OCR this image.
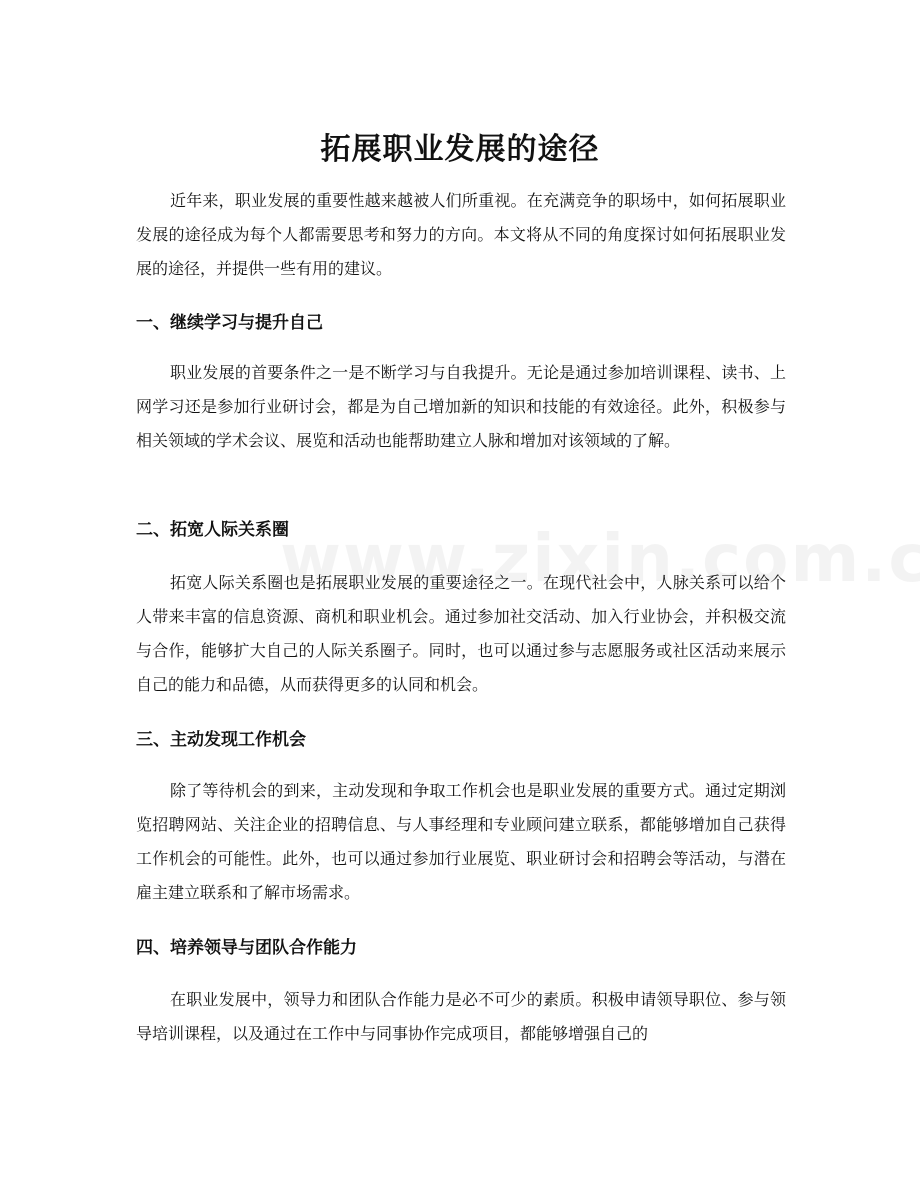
拓展职业发展的途径

近年来，职业发展的重要性越来越被人们所重视。在充满竞争的职场中，如何拓展职业发展的途径成为每个人都需要思考和努力的方向。本文将从不同的角度探讨如何拓展职业发展的途径，并提供一些有用的建议。

一、继续学习与提升自己

职业发展的首要条件之一是不断学习与自我提升。无论是通过参加培训课程、读书、上网学习还是参加行业研讨会，都是为自己增加新的知识和技能的有效途径。此外，积极参与相关领域的学术会议、展览和活动也能帮助建立人脉和增加对该领域的了解。

二、拓宽人际关系圈

拓宽人际关系圈也是拓展职业发展的重要途径之一。在现代社会中，人脉关系可以给个人带来丰富的信息资源、商机和职业机会。通过参加社交活动、加入行业协会，并积极交流与合作，能够扩大自己的人际关系圈子。同时，也可以通过参与志愿服务或社区活动来展示自己的能力和品德，从而获得更多的认同和机会。

三、主动发现工作机会

除了等待机会的到来，主动发现和争取工作机会也是职业发展的重要方式。通过定期浏览招聘网站、关注企业的招聘信息、与人事经理和专业顾问建立联系，都能够增加自己获得工作机会的可能性。此外，也可以通过参加行业展览、职业研讨会和招聘会等活动，与潜在雇主建立联系和了解市场需求。

四、培养领导与团队合作能力

在职业发展中，领导力和团队合作能力是必不可少的素质。积极申请领导职位、参与领导培训课程，以及通过在工作中与同事协作完成项目，都能够增强自己的
